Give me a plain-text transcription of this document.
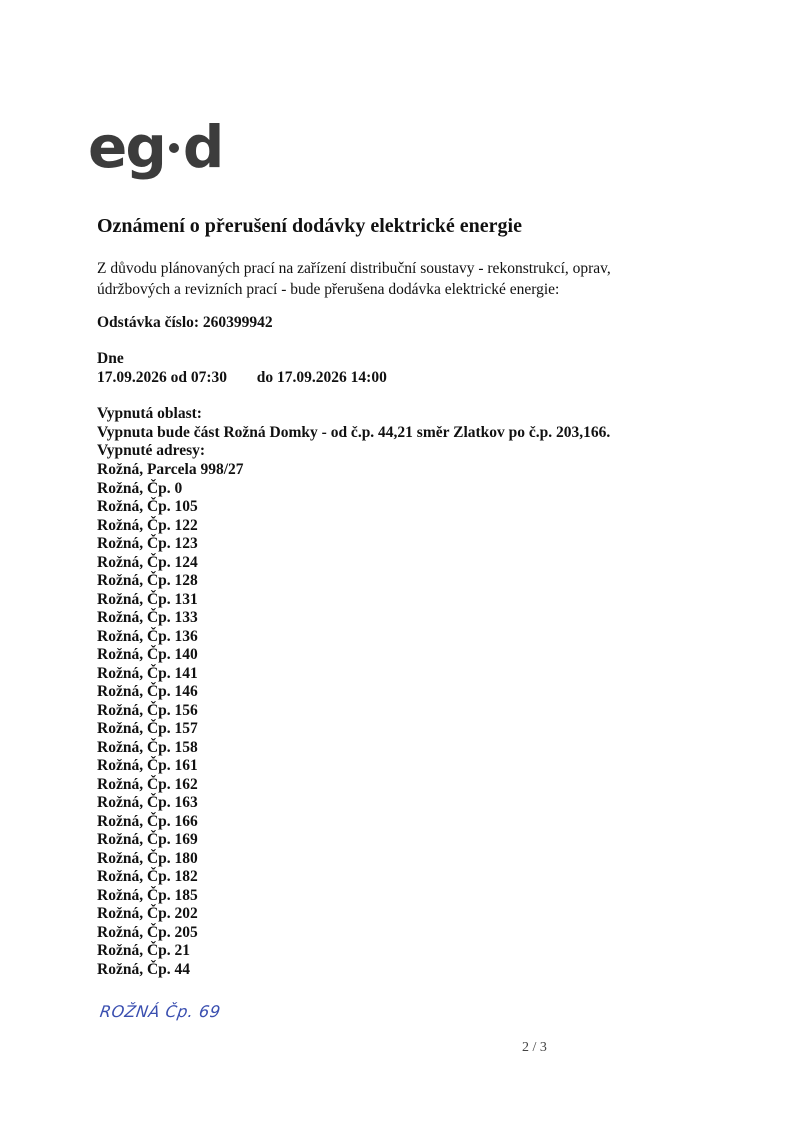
eg d
Oznámení o přerušení dodávky elektrické energie

Z důvodu plánovaných prací na zařízení distribuční soustavy - rekonstrukcí, oprav, údržbových a revizních prací - bude přerušena dodávka elektrické energie:

Odstávka číslo: 260399942

Dne

17.09.2026 od 07:30 do 17.09.2026 14:00

Vypnutá oblast:

Vypnuta bude část Rožná Domky - od č.p. 44,21 směr Zlatkov po č.p. 203,166.

Vypnuté adresy:

Rožná, Parcela 998/27
Rožná, Čp. 0
Rožná, Čp. 105
Rožná, Čp. 122
Rožná, Čp. 123
Rožná, Čp. 124
Rožná, Čp. 128
Rožná, Čp. 131
Rožná, Čp. 133
Rožná, Čp. 136
Rožná, Čp. 140
Rožná, Čp. 141
Rožná, Čp. 146
Rožná, Čp. 156
Rožná, Čp. 157
Rožná, Čp. 158
Rožná, Čp. 161
Rožná, Čp. 162
Rožná, Čp. 163
Rožná, Čp. 166
Rožná, Čp. 169
Rožná, Čp. 180
Rožná, Čp. 182
Rožná, Čp. 185
Rožná, Čp. 202
Rožná, Čp. 205
Rožná, Čp. 21
Rožná, Čp. 44
ROŽNÁ Čp. 69
2 / 3
